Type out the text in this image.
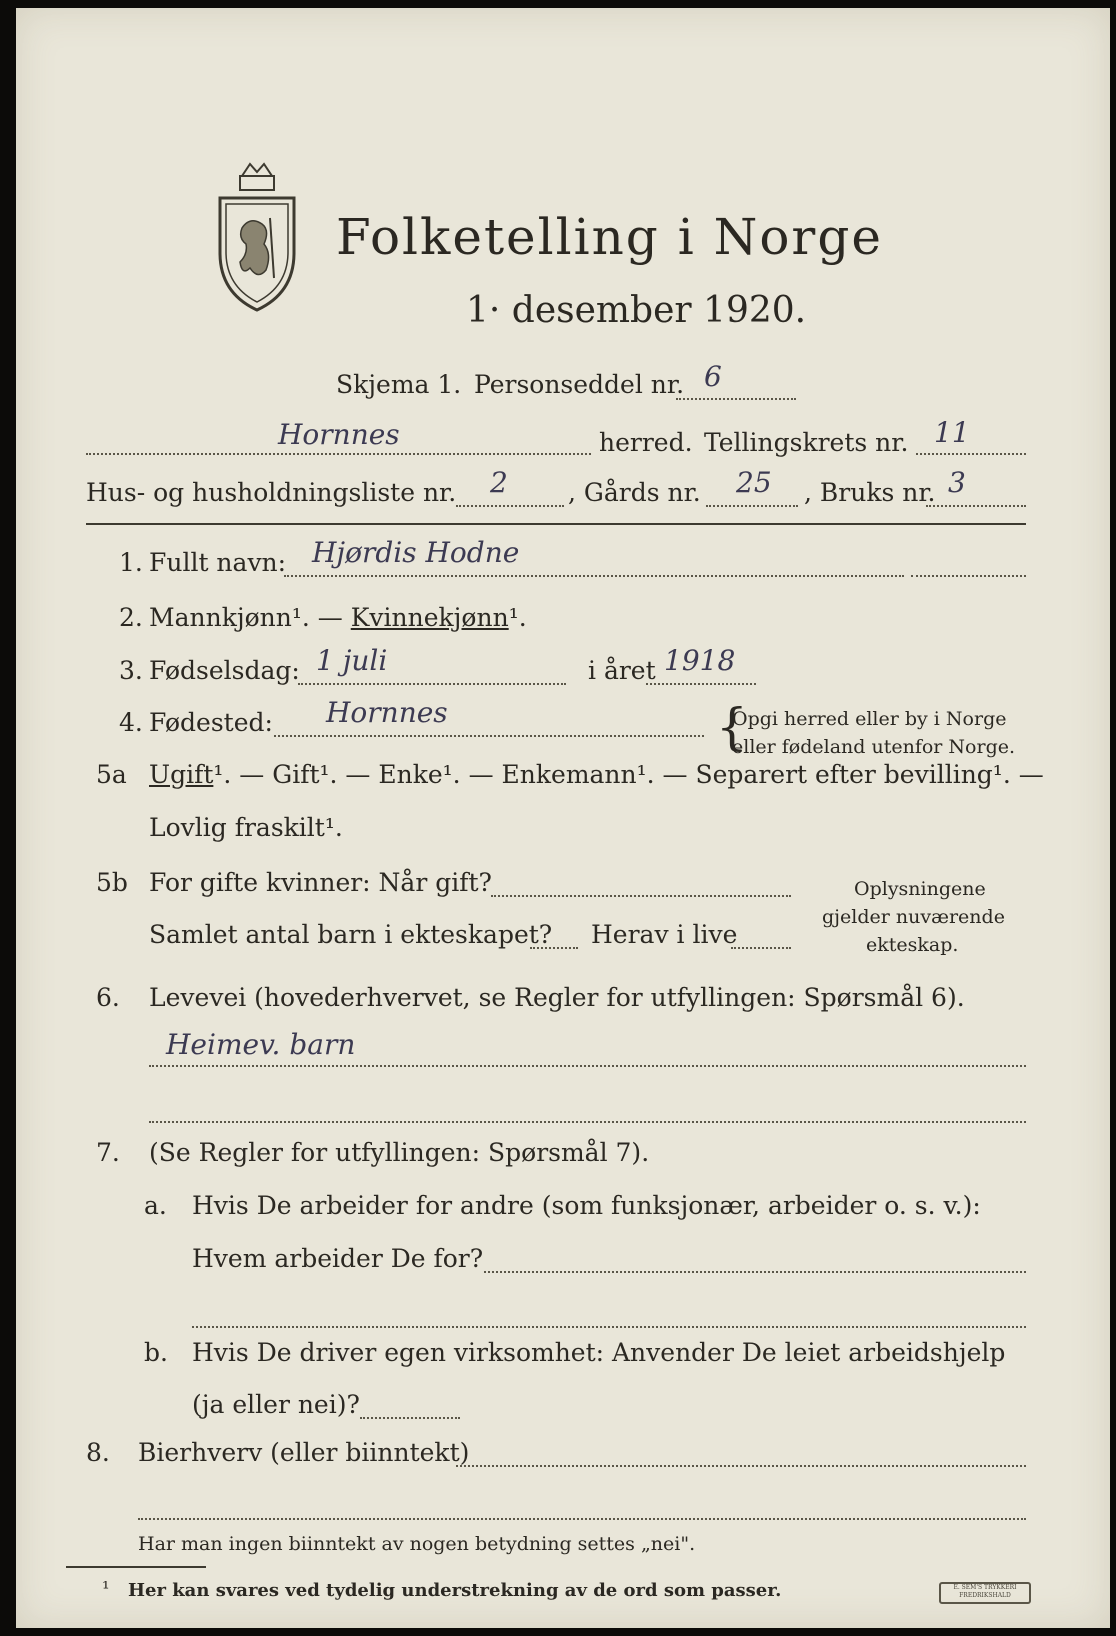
Folketelling i Norge
1· desember 1920.
Skjema 1. Personseddel nr. 6
Hornnes	herred. Tellingskrets nr. 11
Hus- og husholdningsliste nr. 2 , Gårds nr. 25 , Bruks nr. 3
1. Fullt navn: Hjørdis Hodne
2. Mannkjønn¹. — Kvinnekjønn¹.
3. Fødselsdag: 1 juli	i året 1918
4. Fødested: Hornnes	{
Opgi herred eller by i Norge
eller fødeland utenfor Norge.
5a Ugift¹. — Gift¹. — Enke¹. — Enkemann¹. — Separert efter bevilling¹. —
Lovlig fraskilt¹.
5b For gifte kvinner: Når gift?
Samlet antal barn i ekteskapet? Herav i live
Oplysningene
gjelder nuværende
ekteskap.
6. Levevei (hovederhvervet, se Regler for utfyllingen: Spørsmål 6).
Heimev. barn
7. (Se Regler for utfyllingen: Spørsmål 7).
a. Hvis De arbeider for andre (som funksjonær, arbeider o. s. v.):
Hvem arbeider De for?
b. Hvis De driver egen virksomhet: Anvender De leiet arbeidshjelp
(ja eller nei)?
8. Bierhverv (eller biinntekt)
Har man ingen biinntekt av nogen betydning settes „nei".
¹ Her kan svares ved tydelig understrekning av de ord som passer.	E. SEM'S TRYKKERI FREDRIKSHALD
